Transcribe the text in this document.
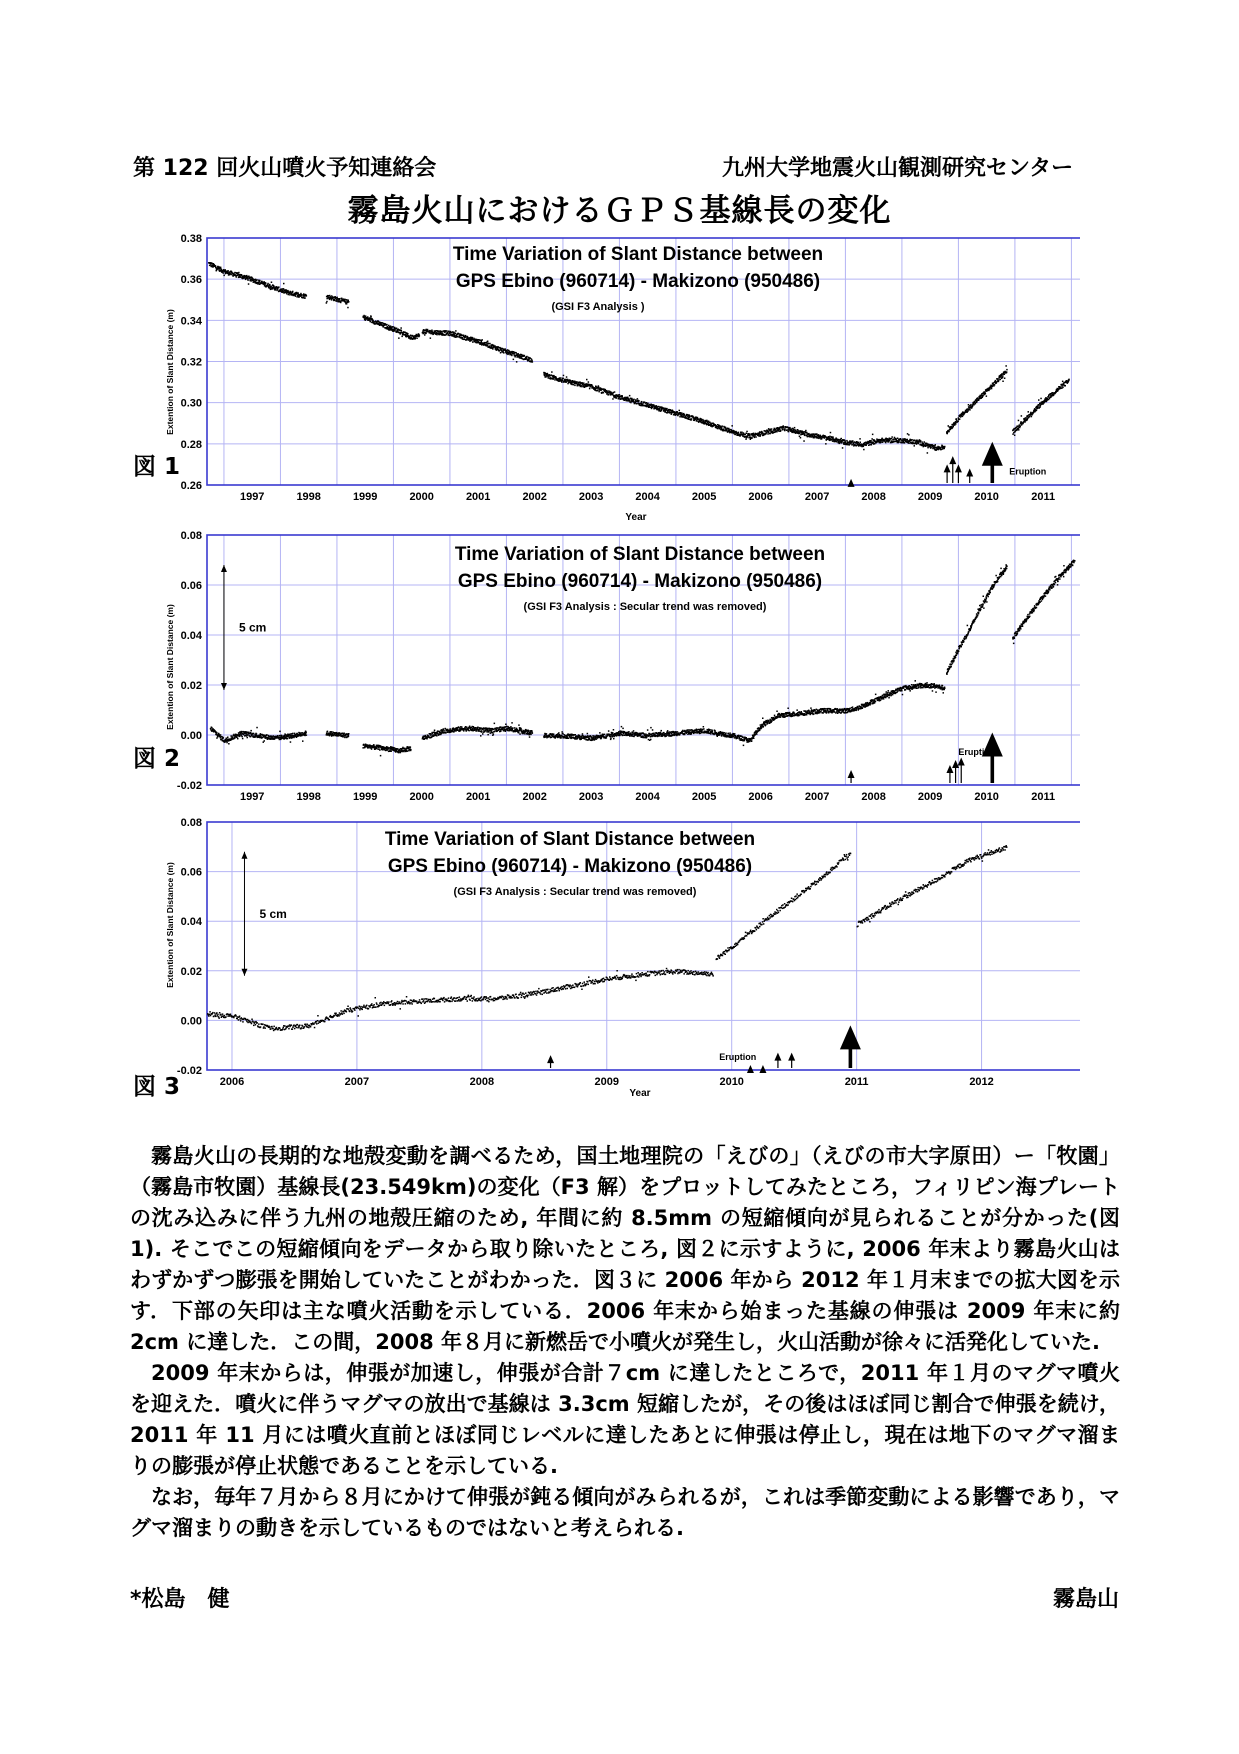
第 122 回火山噴火予知連絡会	九州大学地震火山観測研究センター
霧島火山におけるＧＰＳ基線長の変化
0.26
0.28
0.30
0.32
0.34
0.36
0.38
1997	1998	1999	2000	2001	2002	2003	2004	2005	2006	2007	2008	2009	2010	2011
Eruption
Extention of Slant Distance (m)
Time Variation of Slant Distance between
GPS Ebino (960714) - Makizono (950486)
(GSI F3 Analysis )
Year
図 1
-0.02
0.00
0.02
0.04
0.06
0.08
1997	1998	1999	2000	2001	2002	2003	2004	2005	2006	2007	2008	2009	2010	2011
Eruption
5 cm
Extention of Slant Distance (m)
Time Variation of Slant Distance between
GPS Ebino (960714) - Makizono (950486)
(GSI F3 Analysis : Secular trend was removed)
図 2
-0.02
0.00
0.02
0.04
0.06
0.08
2006	2007	2008	2009	2010	2011	2012
Eruption
5 cm
Extention of Slant Distance (m)
Time Variation of Slant Distance between
GPS Ebino (960714) - Makizono (950486)
(GSI F3 Analysis : Secular trend was removed)
Year
図 3

霧島火山の長期的な地殻変動を調べるため，国土地理院の「えびの」（えびの市大字原田）ー「牧園」（霧島市牧園）基線長(23.549km)の変化（F3 解）をプロットしてみたところ，フィリピン海プレートの沈み込みに伴う九州の地殻圧縮のため, 年間に約 8.5mm の短縮傾向が見られることが分かった(図 1). そこでこの短縮傾向をデータから取り除いたところ, 図２に示すように, 2006 年末より霧島火山はわずかずつ膨張を開始していたことがわかった．図３に 2006 年から 2012 年１月末までの拡大図を示す．下部の矢印は主な噴火活動を示している．2006 年末から始まった基線の伸張は 2009 年末に約 2cm に達した．この間，2008 年８月に新燃岳で小噴火が発生し，火山活動が徐々に活発化していた.

2009 年末からは，伸張が加速し，伸張が合計７cm に達したところで，2011 年１月のマグマ噴火を迎えた．噴火に伴うマグマの放出で基線は 3.3cm 短縮したが，その後はほぼ同じ割合で伸張を続け，2011 年 11 月には噴火直前とほぼ同じレベルに達したあとに伸張は停止し，現在は地下のマグマ溜まりの膨張が停止状態であることを示している.

なお，毎年７月から８月にかけて伸張が鈍る傾向がみられるが，これは季節変動による影響であり，マグマ溜まりの動きを示しているものではないと考えられる.

*松島　健	霧島山
